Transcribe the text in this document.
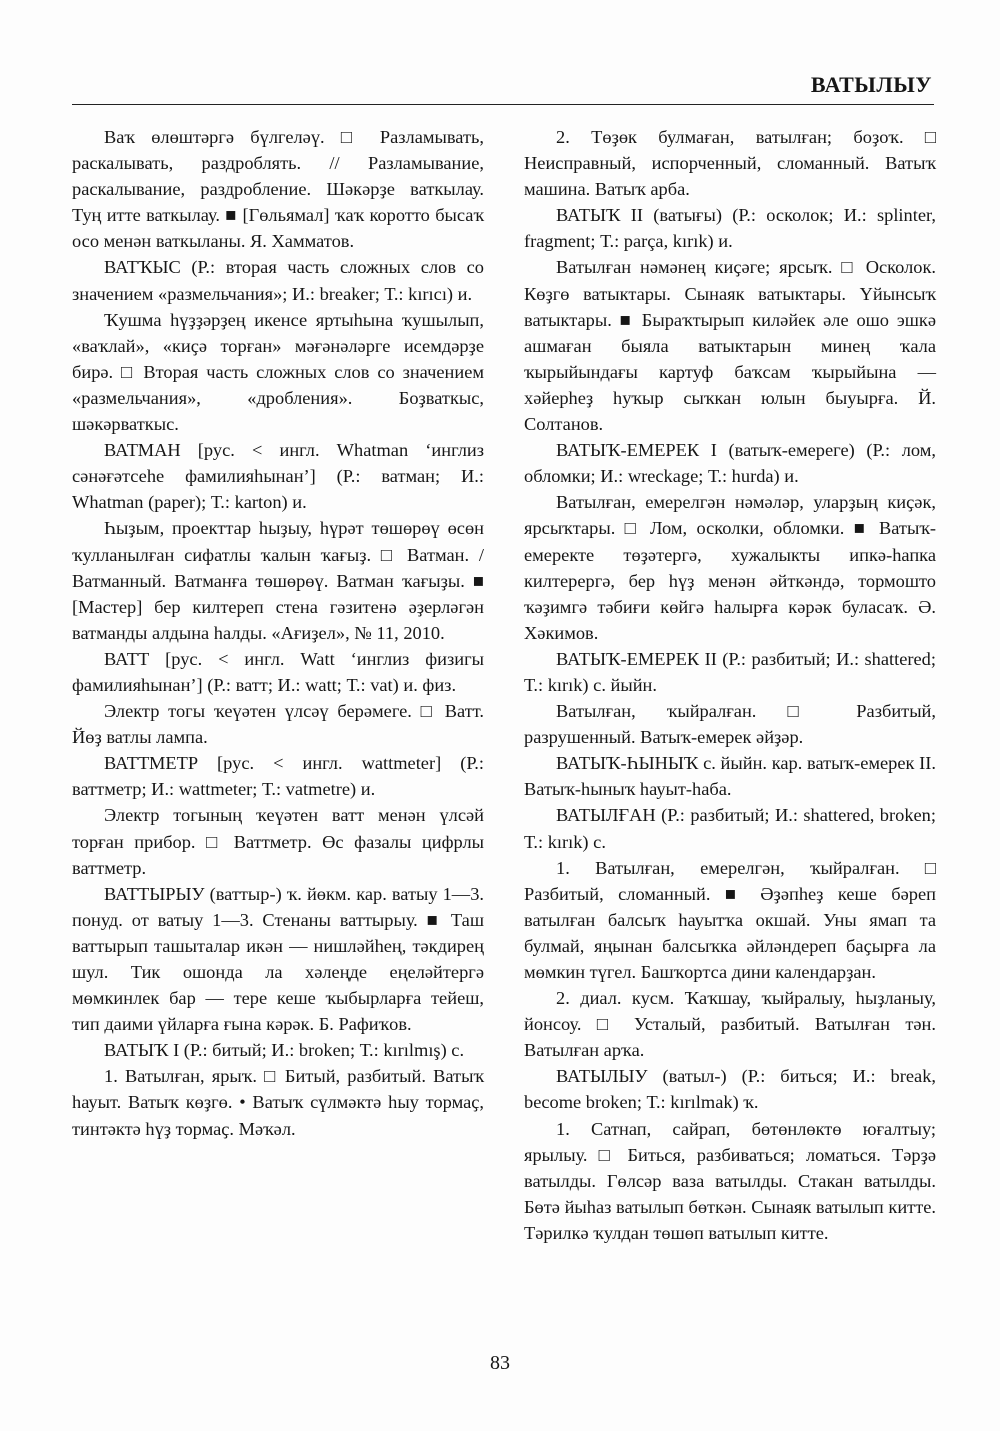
ВАТЫЛЫУ

Ваҡ өлөштәргә бүлгеләү. □ Разламывать, раскалывать, раздроблять. // Разламывание, раскалывание, раздробление. Шәкәрҙе ваткылау. Туң итте ваткылау. ■ [Гөльямал] ҡаҡ коротто бысаҡ осо менән ваткыланы. Я. Хамматов.

ВАТҠЫС (Р.: вторая часть сложных слов со значением «размельчания»; И.: breaker; Т.: kırıcı) и.

Ҡушма һүҙҙәрҙең икенсе яртыһына ҡушылып, «ваҡлай», «киҫә торған» мәғәнәләрге исемдәрҙе бирә. □ Вторая часть сложных слов со значением «размельчания», «дробления». Боҙваткыс, шәкәрваткыс.

ВАТМАН [рус. < ингл. Whatman ‘инглиз сәнәғәтсеһе фамилияһынан’] (Р.: ватман; И.: Whatman (paper); Т.: karton) и.

Һыҙым, проекттар һыҙыу, һүрәт төшөрөү өсөн ҡулланылған сифатлы ҡалын ҡағыҙ. □ Ватман. / Ватманный. Ватманға төшөрөү. Ватман ҡағыҙы. ■ [Мастер] бер килтереп стена гәзитенә әҙерләгән ватманды алдына һалды. «Ағиҙел», № 11, 2010.

ВАТТ [рус. < ингл. Watt ‘инглиз физигы фамилияһынан’] (Р.: ватт; И.: watt; Т.: vat) и. физ.

Электр тогы ҡеүәтен үлсәү берәмеге. □ Ватт. Йөҙ ватлы лампа.

ВАТТМЕТР [рус. < ингл. wattmeter] (Р.: ваттметр; И.: wattmeter; Т.: vatmetre) и.

Электр тогының ҡеүәтен ватт менән үлсәй торған прибор. □ Ваттметр. Өс фазалы цифрлы ваттметр.

ВАТТЫРЫУ (ваттыр-) ҡ. йөкм. кар. ватыу 1—3. понуд. от ватыу 1—3. Стенаны ваттырыу. ■ Таш ваттырып ташыталар икән — нишләйһең, тәкдирең шул. Тик ошонда ла хәлеңде еңеләйтергә мөмкинлек бар — тере кеше ҡыбырларға тейеш, тип даими үйларға ғына кәрәк. Б. Рафиҡов.

ВАТЫҠ I (Р.: битый; И.: broken; Т.: kırılmış) с.

1. Ватылған, ярыҡ. □ Битый, разбитый. Ватыҡ һауыт. Ватыҡ көҙгө. • Ватыҡ сүлмәктә һыу тормаҫ, тинтәктә һүҙ тормаҫ. Мәҡәл.

2. Төҙөк булмаған, ватылған; боҙоҡ. □ Неисправный, испорченный, сломанный. Ватыҡ машина. Ватыҡ арба.

ВАТЫҠ II (ватығы) (Р.: осколок; И.: splinter, fragment; Т.: parça, kırık) и.

Ватылған нәмәнең киҫәге; ярсыҡ. □ Осколок. Көҙгө ватыктары. Сынаяк ватыктары. Үйынсыҡ ватыктары. ■ Быраҡтырып киләйек әле ошо эшкә ашмаған быяла ватыктарын минең ҡала ҡырыйындағы картуф баҡсам ҡырыйына — хәйерһеҙ һуҡыр сыҡкан юлын быуырға. Й. Солтанов.

ВАТЫҠ-ЕМЕРЕК I (ватыҡ-емереге) (Р.: лом, обломки; И.: wreckage; Т.: hurda) и.

Ватылған, емерелгән нәмәләр, уларҙың киҫәк, ярсыҡтары. □ Лом, осколки, обломки. ■ Ватыҡ-емеректе төҙәтергә, хужалыкты ипкә-һапка килтерергә, бер һүҙ менән әйткәндә, тормошто ҡәҙимгә тәбиғи көйгә һалырға кәрәк буласаҡ. Ә. Хәкимов.

ВАТЫҠ-ЕМЕРЕК II (Р.: разбитый; И.: shattered; Т.: kırık) с. йыйн.

Ватылған, ҡыйралған. □ Разбитый, разрушенный. Ватыҡ-емерек әйҙәр.

ВАТЫҠ-ҺЫНЫҠ с. йыйн. кар. ватыҡ-емерек II. Ватыҡ-һыныҡ һауыт-һаба.

ВАТЫЛҒАН (Р.: разбитый; И.: shattered, broken; Т.: kırık) с.

1. Ватылған, емерелгән, ҡыйралған. □ Разбитый, сломанный. ■ Әҙәпһеҙ кеше бәреп ватылған балсыҡ һауытҡа окшай. Уны ямап та булмай, яңынан балсыҡка әйләндереп баҫырға ла мөмкин түгел. Башҡортса дини календарҙан.

2. диал. кусм. Ҡаҡшау, ҡыйралыу, һыҙланыу, йонсоу. □ Усталый, разбитый. Ватылған тән. Ватылған арҡа.

ВАТЫЛЫУ (ватыл-) (Р.: биться; И.: break, become broken; Т.: kırılmak) ҡ.

1. Сатнап, сайрап, бөтөнлөктө юғалтыу; ярылыу. □ Биться, разбиваться; ломаться. Тәрҙә ватылды. Гөлсәр ваза ватылды. Стакан ватылды. Бөтә йыһаз ватылып бөткән. Сынаяк ватылып китте. Тәрилкә ҡулдан төшөп ватылып китте.

83
